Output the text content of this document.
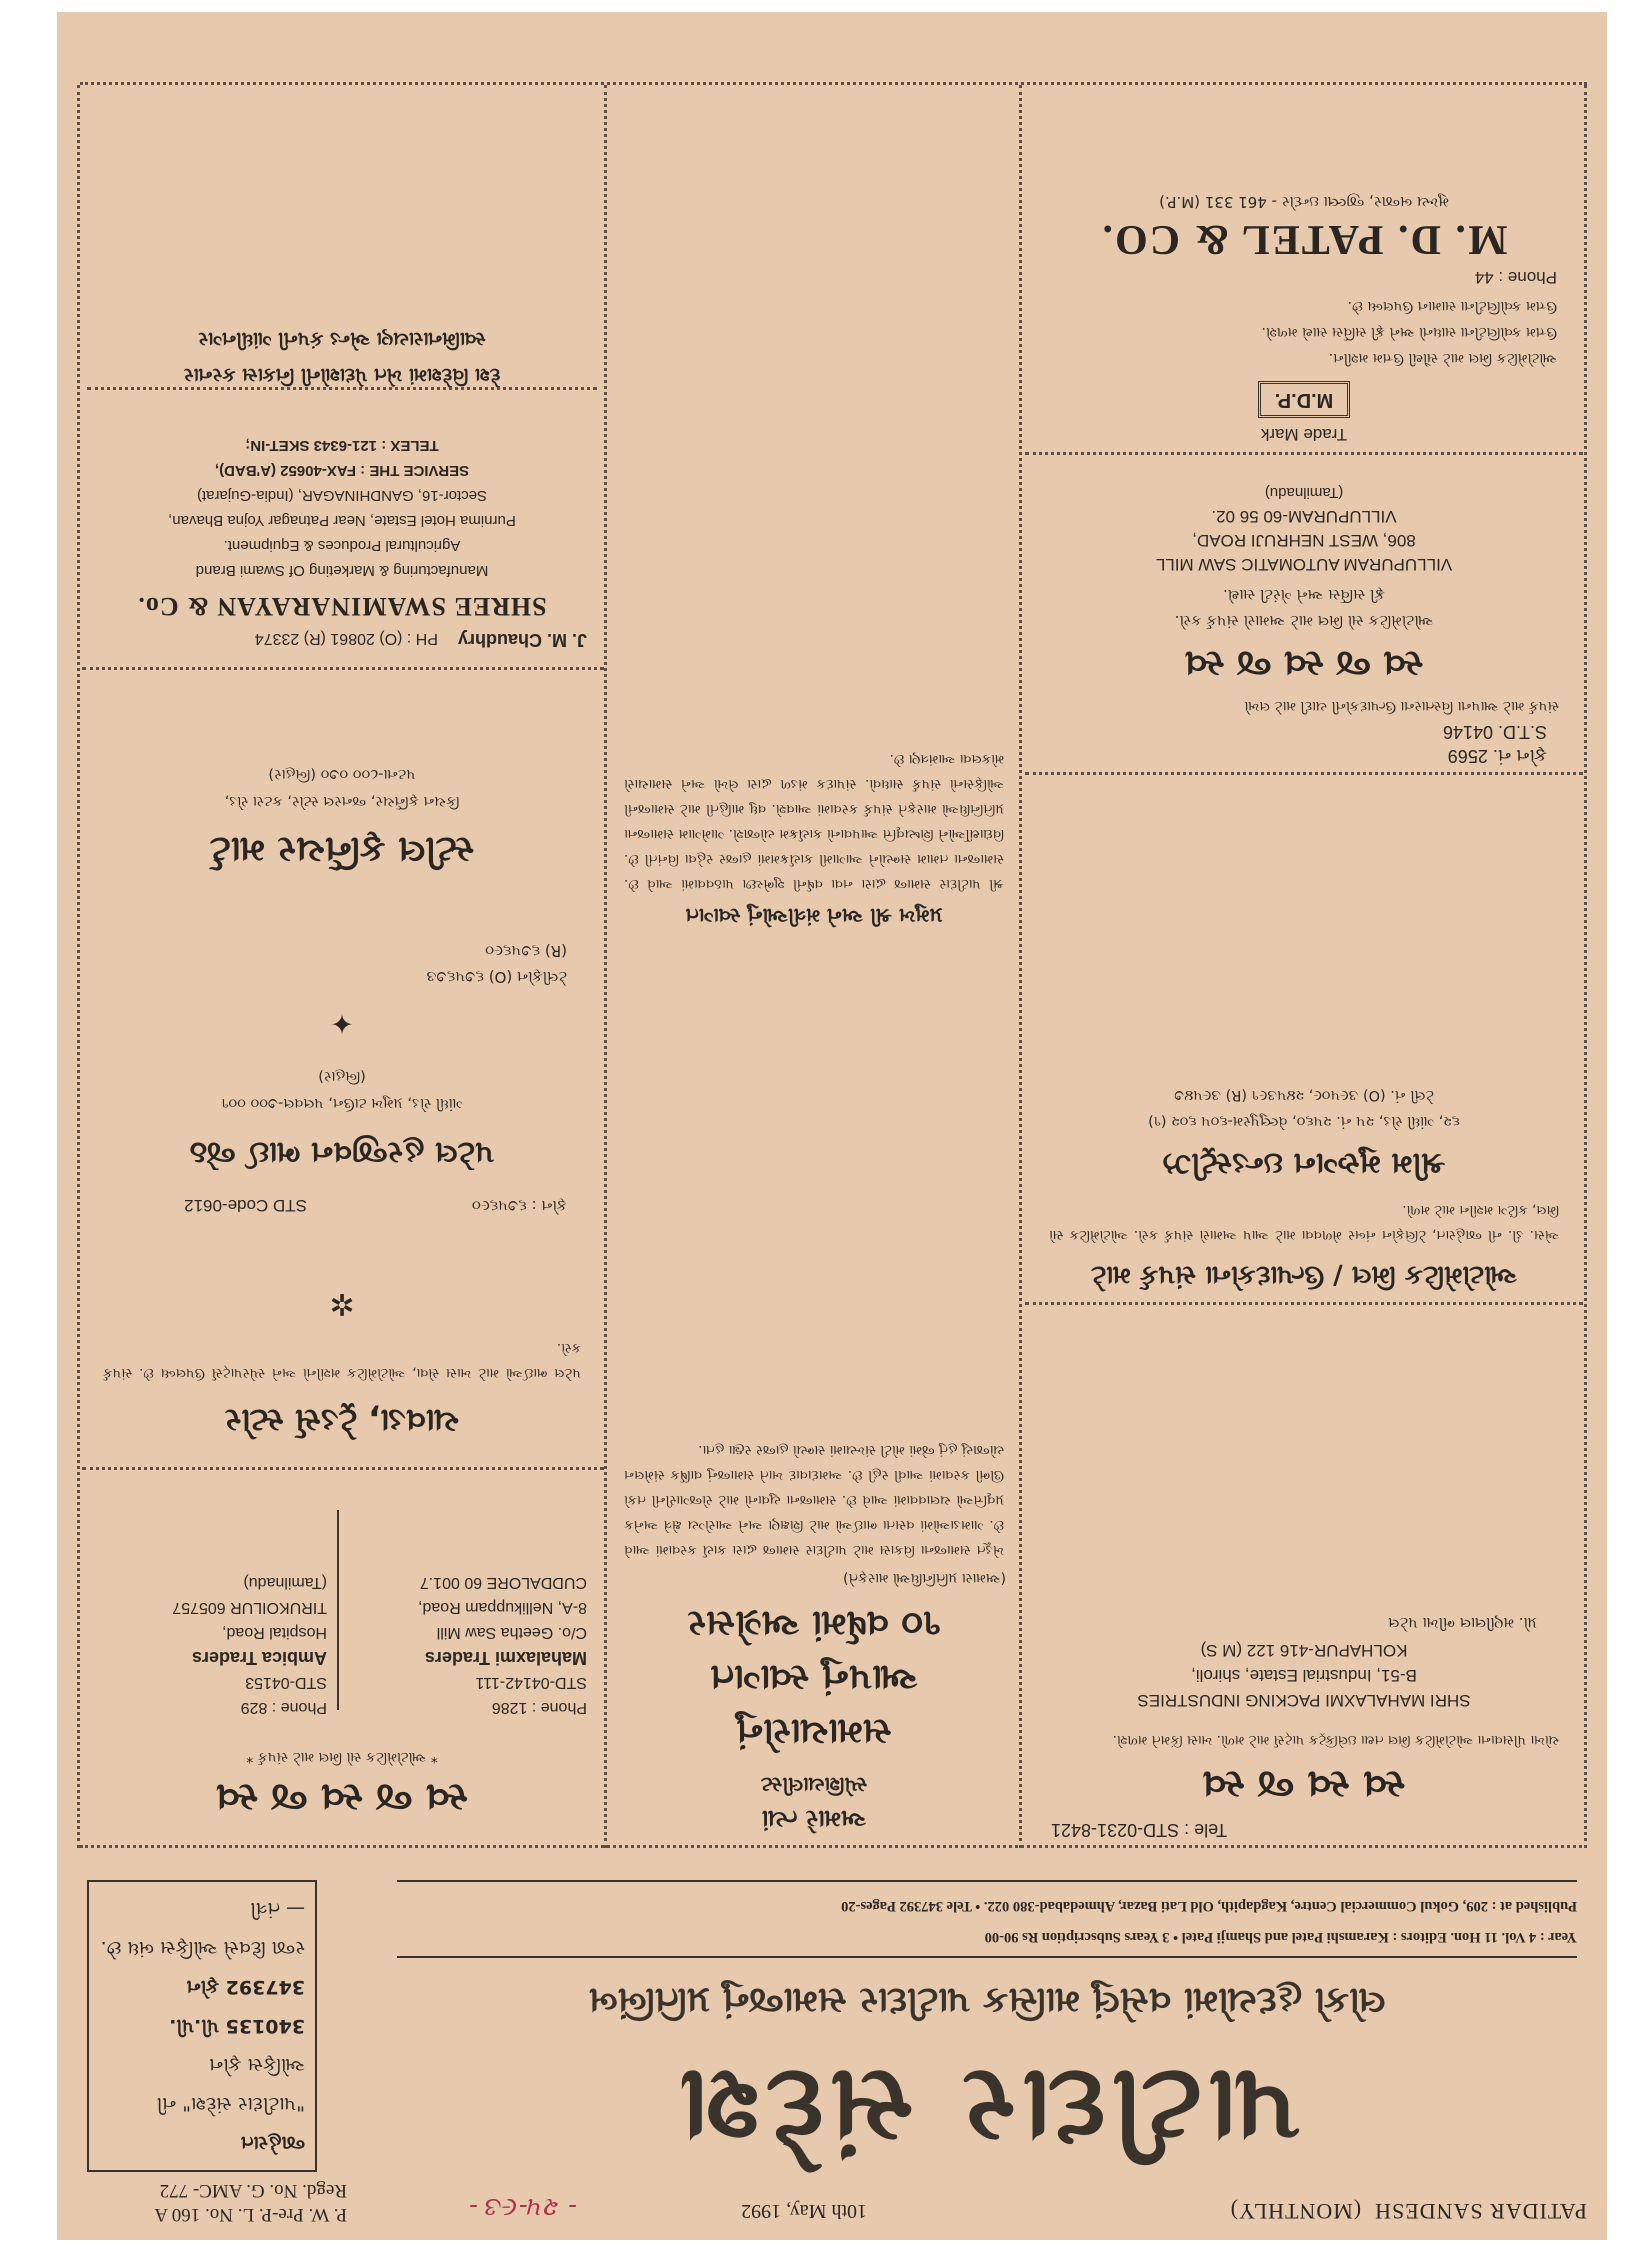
PATIDAR SANDESH  (MONTHLY)
10th May, 1992
- ૨૫-૯૩ -
P. W. Pre-P. L. No. 160 A
Regd. No. G. AMC- 772
પાટીદાર સંદેશ
લોકો હૃદયોમાં વસેલું માસિક પાટીદાર સમાજનું પ્રતિબિંબ
Year : 4 Vol. 11 Hon. Editors : Karamshi Patel and Shamji Patel • 3 Years Subscription Rs 90-00
Published at : 209, Gokul Commercial Centre, Kagdapith, Old Lati Bazar, Ahmedabad-380 022. • Tele 347392 Pages-20
જાહેરાત
"પાટીદાર સંદેશ" ની
ઓફિસ ફોન
340135 પી.પી.
347392 ફોન
રજા દિવસે ઓફિસ બંધ છે.
— તંત્રી
Tele : STD-0231-8421
સ્વ સ્વ જ સ્વ

ચોખા પીસવાના ઓટોમેટિક મિલ તથા ઇલેક્ટ્રિક પાર્ટ્સ માટે મળો. ખાસ કિંમતે મળશે.

SHRI MAHALAXMI PACKING INDUSTRIES
B-51, Industrial Estate, shiroli,
KOLHAPUR-416 122 (M S)
પ્રો. મણીલાલ ભીખા પટેલ
ઓટોમેટિક મિલ / ઉત્પાદકોના સંપર્ક માટે

એસ. ડી. ની જાહેરાત, ટેલિફોન નંબર મેળવવા માટે આપ અમારો સંપર્ક કરો. ઓટોમેટિક સો મિલ, કટિંગ મશીન માટે મળો.

શ્રીમ મુરુગન ઇન્ડસ્ટ્રીઝ
૬૨, ગાંધી રોડ, ૨૫ નં. ૨૫૬૦, વેલ્લુપુરમ-૬૦૫ ૬૦૨ (૧)
ટેલી નં. (O) ૩૯૫૦૯, ૨૪૫૩૯૧ (R) ૩૯૫૪૭
ફોન નં. 2569
S.T.D. 04146
સંપર્ક માટે આપના વિસ્તારના ઉત્પાદકોની યાદી માટે લખો
સ્વ જ સ્વ જ સ્વ
ઓટોમેટિક સો મિલ માટે અમારો સંપર્ક કરો.
ફ્રી સર્વિસ અને ગેરંટી સાથે.
VILLUPURAM AUTOMATIC SAW MILL
806, WEST NEHRUJI ROAD,
VILLUPURAM-60 56 02.
(Tamilnadu)
Trade Mark
M.D.P.
ઓટોમેટિક મિલ માટે સૌથી ઉત્તમ મશીન.
ઉત્તમ ક્વોલિટીના સાધનો અને ફ્રી સર્વિસ સાથે મળશે.
ઉત્તમ ક્વોલિટીના સામાન ઉપલબ્ધ છે.
Phone : 44
M. D. PATEL & CO.
મુખ્ય બજાર, જીલ્લા ઇન્દોર - 461 331 (M.P.)
અમારે ત્યાં
સ્પેશિયાલીસ્ટ
સમાચારોનું
આપનું સ્વાગત
૧૦ વર્ષમાં અગ્રેસર
(અમારા પ્રતિનિધિઓ મારફતે)

ખેડૂત સમાજના વિકાસ માટે પાટીદાર સમાજ દ્વારા કાર્ય કરવામાં આવે છે. ગામડાઓમાં વસતા ભાઈઓ માટે શિક્ષણ અને આરોગ્ય ક્ષેત્રે અનેક પ્રવૃત્તિઓ ચલાવવામાં આવે છે. સમાજના યુવાનો માટે રોજગારીની તકો ઊભી કરવામાં આવી રહી છે. અમદાવાદ ખાતે સમાજનું વાર્ષિક સંમેલન યોજાયું હતું જેમાં મોટી સંખ્યામાં સભ્યો હાજર રહ્યા હતા.

પ્રમુખ શ્રી અને મંત્રીઓનું સ્વાગત

શ્રી પાટીદાર સમાજ દ્વારા નવા વર્ષની શુભેચ્છા પાઠવવામાં આવે છે. સમાજના તમામ સભ્યોને આગામી કાર્યક્રમમાં હાજર રહેવા વિનંતી છે. વિદ્યાર્થીઓને શિષ્યવૃત્તિ આપવાનો કાર્યક્રમ યોજાશે. ગામેગામ સમાજના પ્રતિનિધિઓ મારફતે સંપર્ક કરવામાં આવશે. વધુ માહિતી માટે સમાજની ઓફિસનો સંપર્ક સાધવો. સંપાદક મંડળ દ્વારા લેખો અને સમાચારો મોકલવા આમંત્રણ છે.

સ્વ જ સ્વ જ સ્વ
* ઓટોમેટિક સો મિલ માટે સંપર્ક *
Phone : 1286
STD-04142-111
Mahalaxmi Traders
C/o. Geetha Saw Mill
8-A, Nellikuppam Road,
CUDDALORE 60 001.7
Phone : 829
STD-04153
Ambica Traders
Hospital Road,
TIRUKOILUR 605757
(Tamilnadu)
ચાવડા, ટ્રેડર્સ સ્ટોર

પટેલ ભાઈઓ માટે ખાસ સેવા, ઓટોમેટિક મશીનો અને સ્પેરપાર્ટ્સ ઉપલબ્ધ છે. સંપર્ક કરો.

✲
STD Code-0612	ફોન : ૬૭૫૬૯૦
પટેલ હરજીવન ભાઈ જેઠ
ગાંધી રોડ, પ્રમુખ ટાઉન, પલવલ-૭૦૦ ૦૦૧
(બિહાર)
✦
ટેલીફોન (O) ૬૭૫૬૭૩
(R) ૬૭૫૬૯૦
સ્ટીલ ફર્નિચર માર્ટ
કિચન ફર્નિચર, જનરલ સ્ટોર, કટરા રોડ,
પટના-૮૦૦ ૦૭૦ (બિહાર)
J. M. Chaudhry    PH : (O) 20861 (R) 23374
SHREE SWAMINARAYAN & Co.
Manufacturing & Marketing Of Swami Brand
Agricultural Produces & Equipment.
Purnima Hotel Estate, Near Patnagar Yojna Bhavan,
Sector-16, GANDHINAGAR, (India-Gujarat)
SERVICE THE : FAX-40652 (A'BAD),
TELEX : 121-6343 SKET-IN;
દેશ વિદેશમાં ખેત પેદાશોની નિકાસ કરનાર
સ્વામિનારાયણ એન્ડ કંપની ગાંધીનગર
